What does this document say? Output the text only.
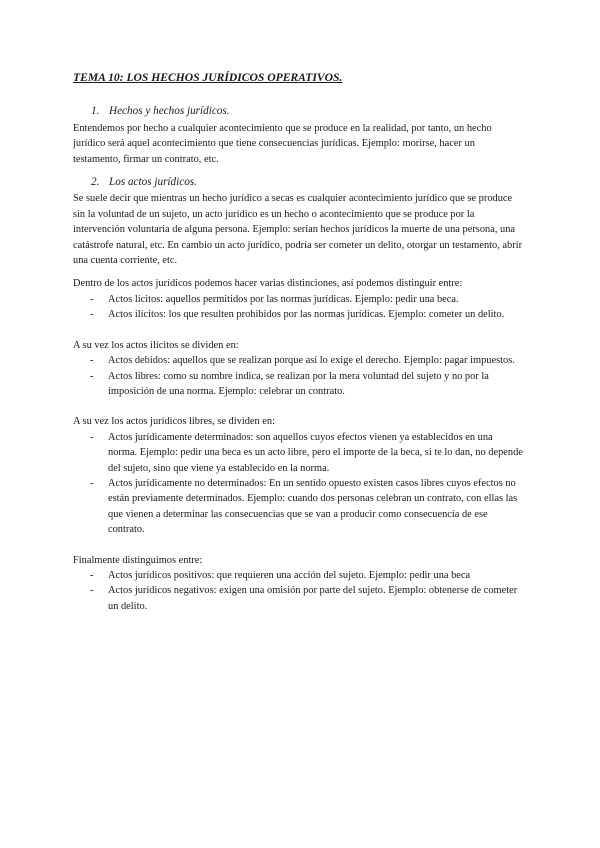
TEMA 10: LOS HECHOS JURÍDICOS OPERATIVOS.

1. Hechos y hechos jurídicos.

Entendemos por hecho a cualquier acontecimiento que se produce en la realidad, por tanto, un hecho jurídico será aquel acontecimiento que tiene consecuencias jurídicas. Ejemplo: morirse, hacer un testamento, firmar un contrato, etc.

2. Los actos jurídicos.

Se suele decir que mientras un hecho jurídico a secas es cualquier acontecimiento jurídico que se produce sin la voluntad de un sujeto, un acto jurídico es un hecho o acontecimiento que se produce por la intervención voluntaria de alguna persona. Ejemplo: serían hechos jurídicos la muerte de una persona, una catástrofe natural, etc. En cambio un acto jurídico, podría ser cometer un delito, otorgar un testamento, abrir una cuenta corriente, etc.

Dentro de los actos jurídicos podemos hacer varias distinciones, así podemos distinguir entre:

- Actos lícitos: aquellos permitidos por las normas jurídicas. Ejemplo: pedir una beca.
- Actos ilícitos: los que resulten prohibidos por las normas jurídicas. Ejemplo: cometer un delito.

A su vez los actos ilícitos se dividen en:

- Actos debidos: aquellos que se realizan porque así lo exige el derecho. Ejemplo: pagar impuestos.
- Actos libres: como su nombre indica, se realizan por la mera voluntad del sujeto y no por la imposición de una norma. Ejemplo: celebrar un contrato.

A su vez los actos jurídicos libres, se dividen en:

- Actos jurídicamente determinados: son aquellos cuyos efectos vienen ya establecidos en una norma. Ejemplo: pedir una beca es un acto libre, pero el importe de la beca, si te lo dan, no depende del sujeto, sino que viene ya establecido en la norma.
- Actos jurídicamente no determinados: En un sentido opuesto existen casos libres cuyos efectos no están previamente determinados. Ejemplo: cuando dos personas celebran un contrato, con ellas las que vienen a determinar las consecuencias que se van a producir como consecuencia de ese contrato.

Finalmente distinguimos entre:

- Actos jurídicos positivos: que requieren una acción del sujeto. Ejemplo: pedir una beca
- Actos jurídicos negativos: exigen una omisión por parte del sujeto. Ejemplo: obtenerse de cometer un delito.
